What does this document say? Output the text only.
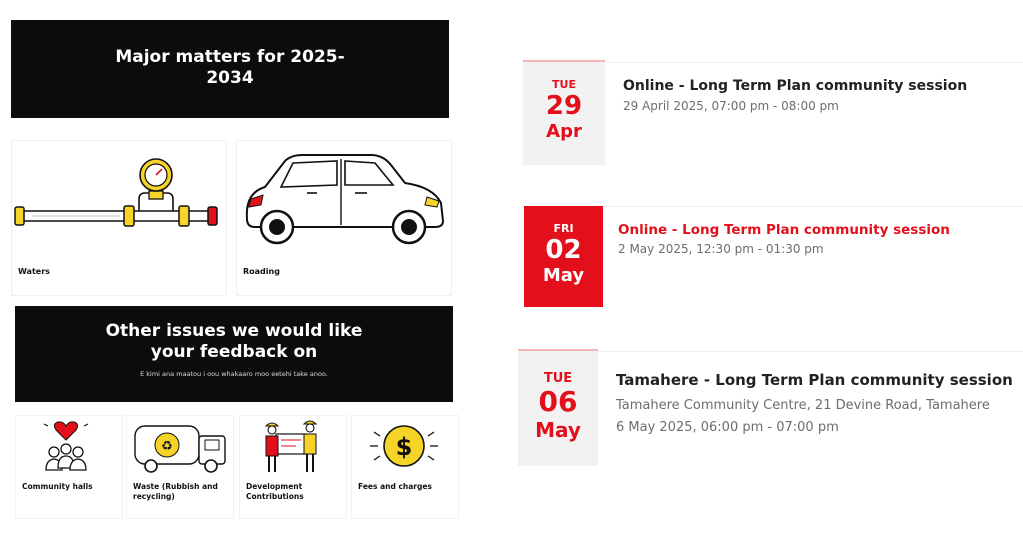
Major matters for 2025-2034
Waters	Roading
Other issues we would like your feedback on
E kimi ana maatou i oou whakaaro moo eetehi take anoo.
Community halls
♻
Waste (Rubbish and recycling)
Development Contributions
$
Fees and charges
TUE
29
Apr
Online - Long Term Plan community session
29 April 2025, 07:00 pm - 08:00 pm
FRI
02
May
Online - Long Term Plan community session
2 May 2025, 12:30 pm - 01:30 pm
TUE
06
May
Tamahere - Long Term Plan community session
Tamahere Community Centre, 21 Devine Road, Tamahere
6 May 2025, 06:00 pm - 07:00 pm
